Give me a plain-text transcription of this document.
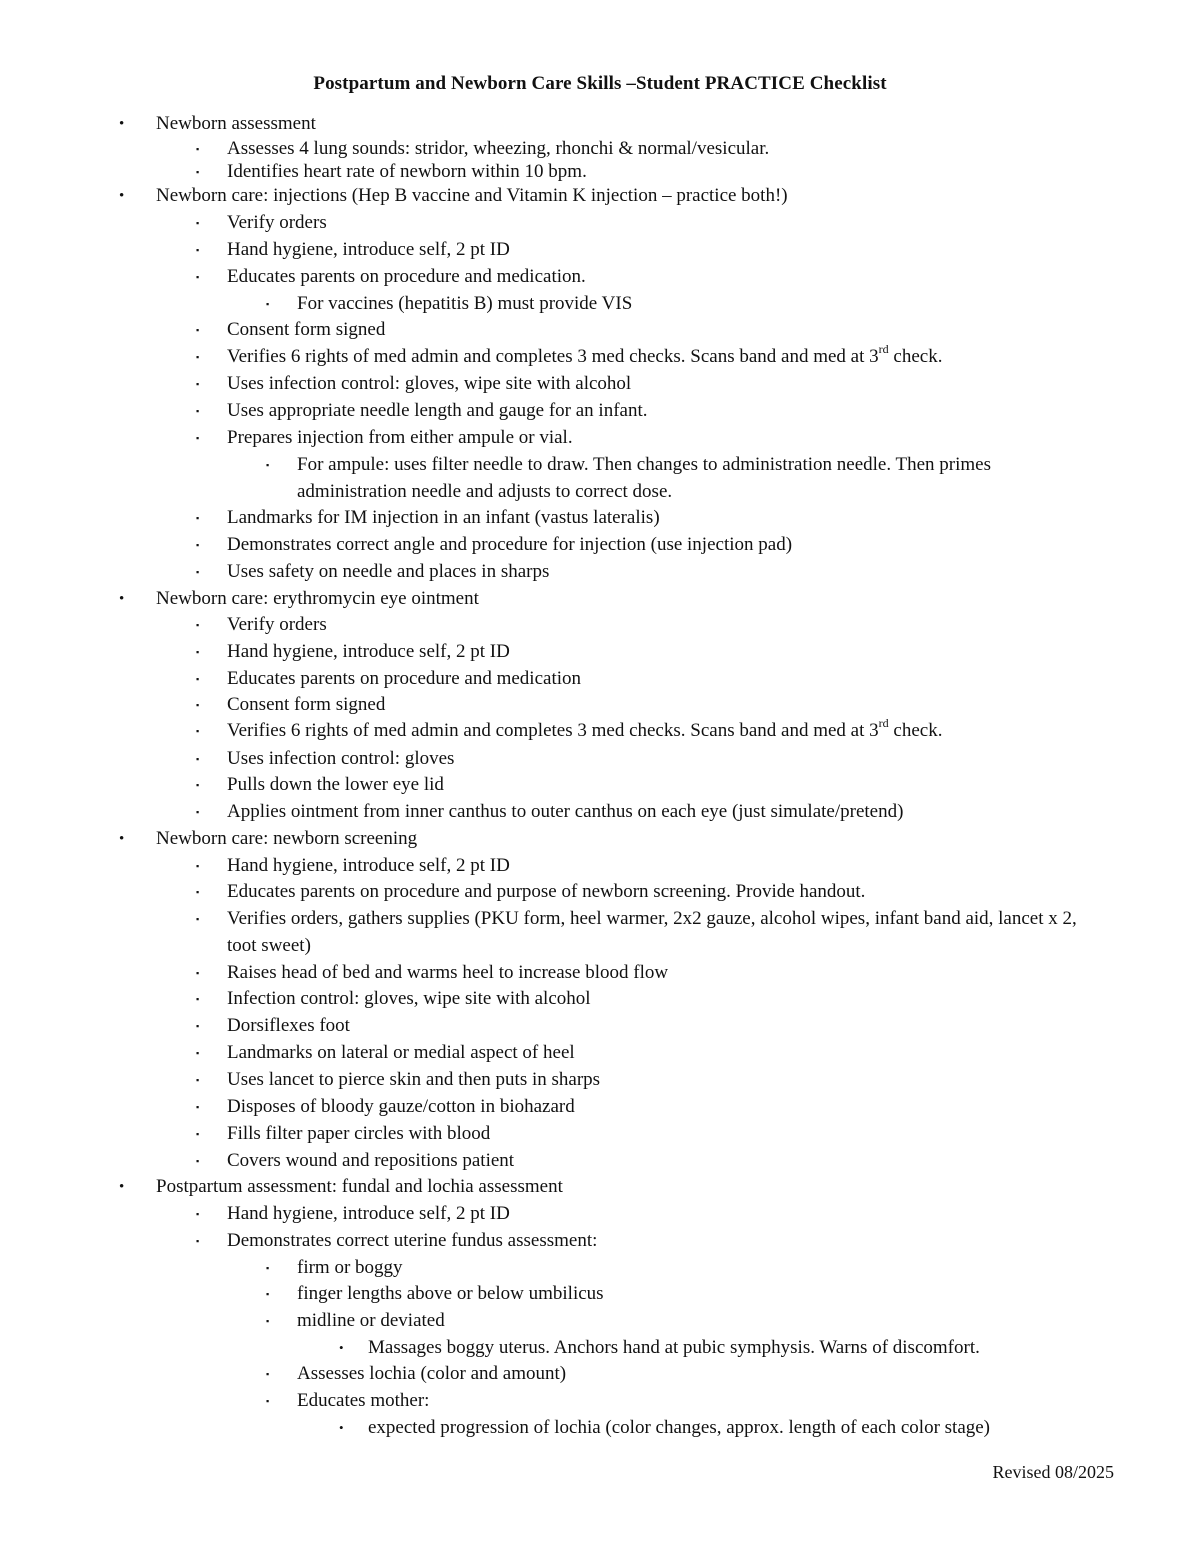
Postpartum and Newborn Care Skills –Student PRACTICE Checklist
• Newborn assessment
▪ Assesses 4 lung sounds: stridor, wheezing, rhonchi & normal/vesicular.
▪ Identifies heart rate of newborn within 10 bpm.
• Newborn care: injections (Hep B vaccine and Vitamin K injection – practice both!)
▪ Verify orders
▪ Hand hygiene, introduce self, 2 pt ID
▪ Educates parents on procedure and medication.
▪ For vaccines (hepatitis B) must provide VIS
▪ Consent form signed
▪ Verifies 6 rights of med admin and completes 3 med checks. Scans band and med at 3rd check.
▪ Uses infection control: gloves, wipe site with alcohol
▪ Uses appropriate needle length and gauge for an infant.
▪ Prepares injection from either ampule or vial.
▪ For ampule: uses filter needle to draw. Then changes to administration needle. Then primes administration needle and adjusts to correct dose.
▪ Landmarks for IM injection in an infant (vastus lateralis)
▪ Demonstrates correct angle and procedure for injection (use injection pad)
▪ Uses safety on needle and places in sharps
• Newborn care: erythromycin eye ointment
▪ Verify orders
▪ Hand hygiene, introduce self, 2 pt ID
▪ Educates parents on procedure and medication
▪ Consent form signed
▪ Verifies 6 rights of med admin and completes 3 med checks. Scans band and med at 3rd check.
▪ Uses infection control: gloves
▪ Pulls down the lower eye lid
▪ Applies ointment from inner canthus to outer canthus on each eye (just simulate/pretend)
• Newborn care: newborn screening
▪ Hand hygiene, introduce self, 2 pt ID
▪ Educates parents on procedure and purpose of newborn screening. Provide handout.
▪ Verifies orders, gathers supplies (PKU form, heel warmer, 2x2 gauze, alcohol wipes, infant band aid, lancet x 2, toot sweet)
▪ Raises head of bed and warms heel to increase blood flow
▪ Infection control: gloves, wipe site with alcohol
▪ Dorsiflexes foot
▪ Landmarks on lateral or medial aspect of heel
▪ Uses lancet to pierce skin and then puts in sharps
▪ Disposes of bloody gauze/cotton in biohazard
▪ Fills filter paper circles with blood
▪ Covers wound and repositions patient
• Postpartum assessment: fundal and lochia assessment
▪ Hand hygiene, introduce self, 2 pt ID
▪ Demonstrates correct uterine fundus assessment:
▪ firm or boggy
▪ finger lengths above or below umbilicus
▪ midline or deviated
• Massages boggy uterus. Anchors hand at pubic symphysis. Warns of discomfort.
▪ Assesses lochia (color and amount)
▪ Educates mother:
• expected progression of lochia (color changes, approx. length of each color stage)
Revised 08/2025
